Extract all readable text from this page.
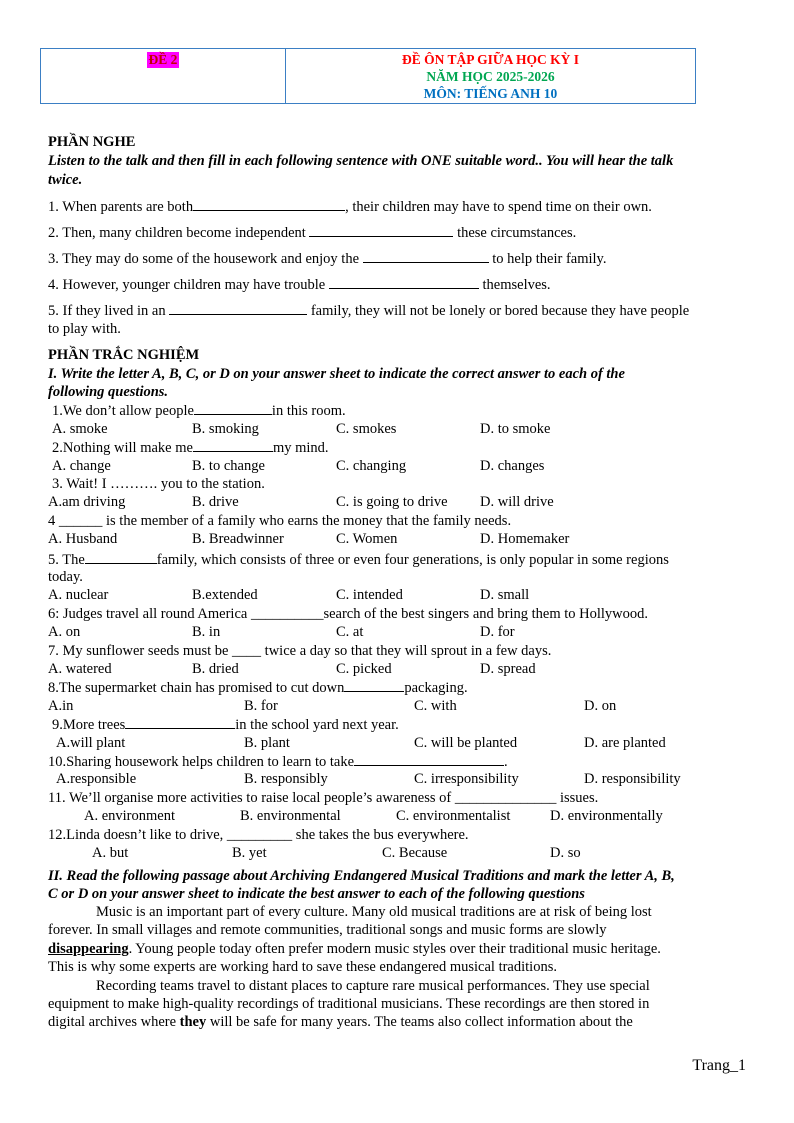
ĐỀ 2	ĐỀ ÔN TẬP GIỮA HỌC KỲ I
NĂM HỌC 2025-2026
MÔN: TIẾNG ANH 10
PHẦN NGHE
Listen to the talk and then fill in each following sentence with ONE suitable word.. You will hear the talk
twice.
1. When parents are both	, their children may have to spend time on their own.
2. Then, many children become independent	these circumstances.
3. They may do some of the housework and enjoy the	to help their family.
4. However, younger children may have trouble	themselves.
5. If they lived in an	family, they will not be lonely or bored because they have people
to play with.
PHẦN TRẮC NGHIỆM
I. Write the letter A, B, C, or D on your answer sheet to indicate the correct answer to each of the
following questions.
1.We don’t allow people	in this room.
A. smoke	B. smoking	C. smokes	D. to smoke
2.Nothing will make me	my mind.
A. change	B. to change	C. changing	D. changes
3. Wait! I ………. you to the station.
A.am driving	B. drive	C. is going to drive D. will drive
4 ______ is the member of a family who earns the money that the family needs.
A. Husband	B. Breadwinner	C. Women	D. Homemaker
5. The	family, which consists of three or even four generations, is only popular in some regions
today.
A. nuclear	B.extended	C. intended	D. small
6: Judges travel all round America __________search of the best singers and bring them to Hollywood.
A. on	B. in	C. at	D. for
7. My sunflower seeds must be ____ twice a day so that they will sprout in a few days.
A. watered	B. dried	C. picked	D. spread
8.The supermarket chain has promised to cut down	packaging.
A.in	B. for	C. with	D. on
9.More trees	in the school yard next year.
A.will plant	B. plant	C. will be planted	D. are planted
10.Sharing housework helps children to learn to take	.
A.responsible	B. responsibly	C. irresponsibility	D. responsibility
11. We’ll organise more activities to raise local people’s awareness of ______________ issues.
A. environment	B. environmental	C. environmentalist	D. environmentally
12.Linda doesn’t like to drive, _________ she takes the bus everywhere.
A. but	B. yet	C. Because	D. so
II. Read the following passage about Archiving Endangered Musical Traditions and mark the letter A, B,
C or D on your answer sheet to indicate the best answer to each of the following questions
Music is an important part of every culture. Many old musical traditions are at risk of being lost
forever. In small villages and remote communities, traditional songs and music forms are slowly
disappearing. Young people today often prefer modern music styles over their traditional music heritage.
This is why some experts are working hard to save these endangered musical traditions.
Recording teams travel to distant places to capture rare musical performances. They use special
equipment to make high-quality recordings of traditional musicians. These recordings are then stored in
digital archives where they will be safe for many years. The teams also collect information about the
Trang_1
